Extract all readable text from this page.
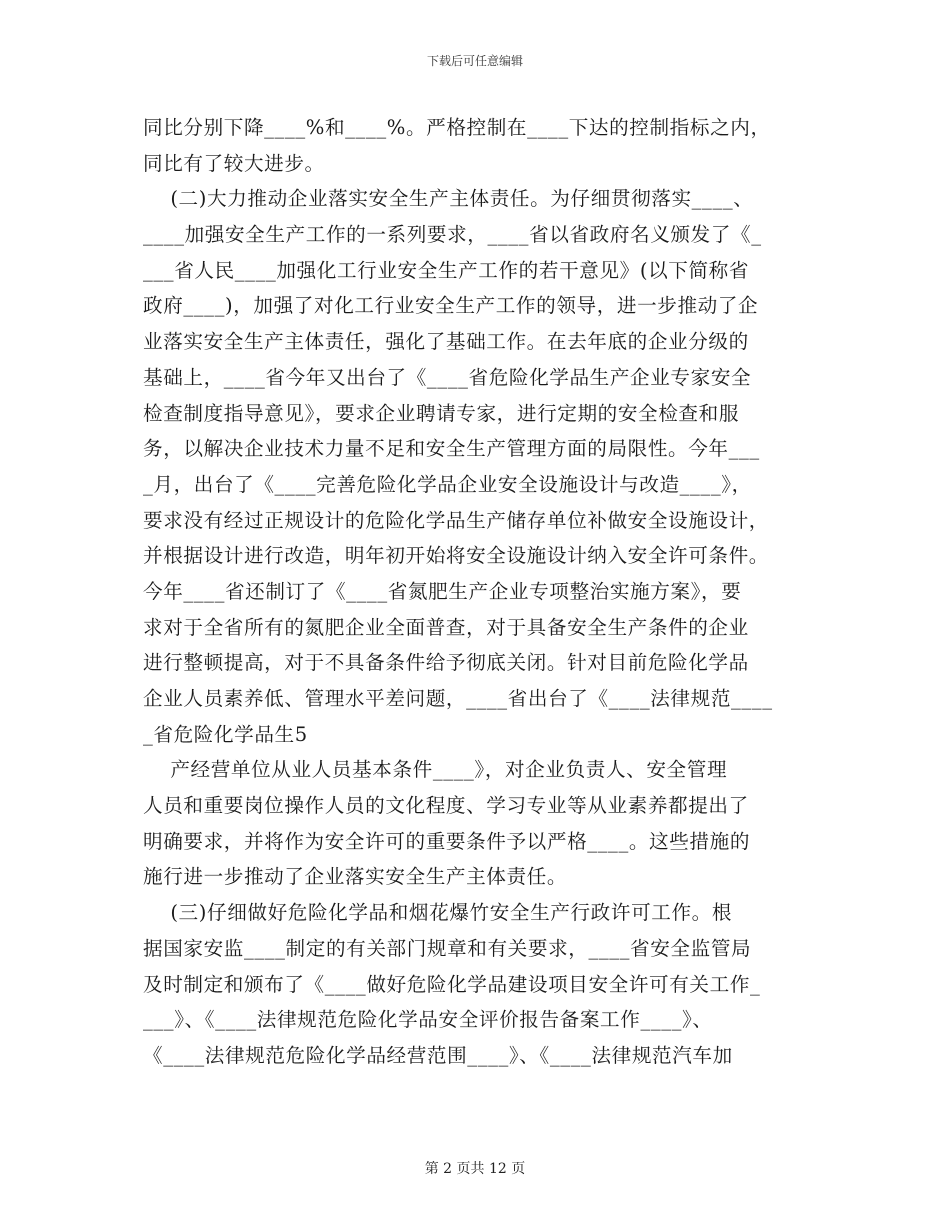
下载后可任意编辑
同比分别下降____%和____%。严格控制在____下达的控制指标之内，
同比有了较大进步。
(二)大力推动企业落实安全生产主体责任。为仔细贯彻落实____、
____加强安全生产工作的一系列要求，____省以省政府名义颁发了《_
___省人民____加强化工行业安全生产工作的若干意见》(以下简称省
政府____)，加强了对化工行业安全生产工作的领导，进一步推动了企
业落实安全生产主体责任，强化了基础工作。在去年底的企业分级的
基础上，____省今年又出台了《____省危险化学品生产企业专家安全
检查制度指导意见》，要求企业聘请专家，进行定期的安全检查和服
务，以解决企业技术力量不足和安全生产管理方面的局限性。今年___
_月，出台了《____完善危险化学品企业安全设施设计与改造____》，
要求没有经过正规设计的危险化学品生产储存单位补做安全设施设计，
并根据设计进行改造，明年初开始将安全设施设计纳入安全许可条件。
今年____省还制订了《____省氮肥生产企业专项整治实施方案》，要
求对于全省所有的氮肥企业全面普查，对于具备安全生产条件的企业
进行整顿提高，对于不具备条件给予彻底关闭。针对目前危险化学品
企业人员素养低、管理水平差问题，____省出台了《____法律规范____
_省危险化学品生5
产经营单位从业人员基本条件____》，对企业负责人、安全管理
人员和重要岗位操作人员的文化程度、学习专业等从业素养都提出了
明确要求，并将作为安全许可的重要条件予以严格____。这些措施的
施行进一步推动了企业落实安全生产主体责任。
(三)仔细做好危险化学品和烟花爆竹安全生产行政许可工作。根
据国家安监____制定的有关部门规章和有关要求，____省安全监管局
及时制定和颁布了《____做好危险化学品建设项目安全许可有关工作_
___》、《____法律规范危险化学品安全评价报告备案工作____》、
《____法律规范危险化学品经营范围____》、《____法律规范汽车加
第 2 页共 12 页
